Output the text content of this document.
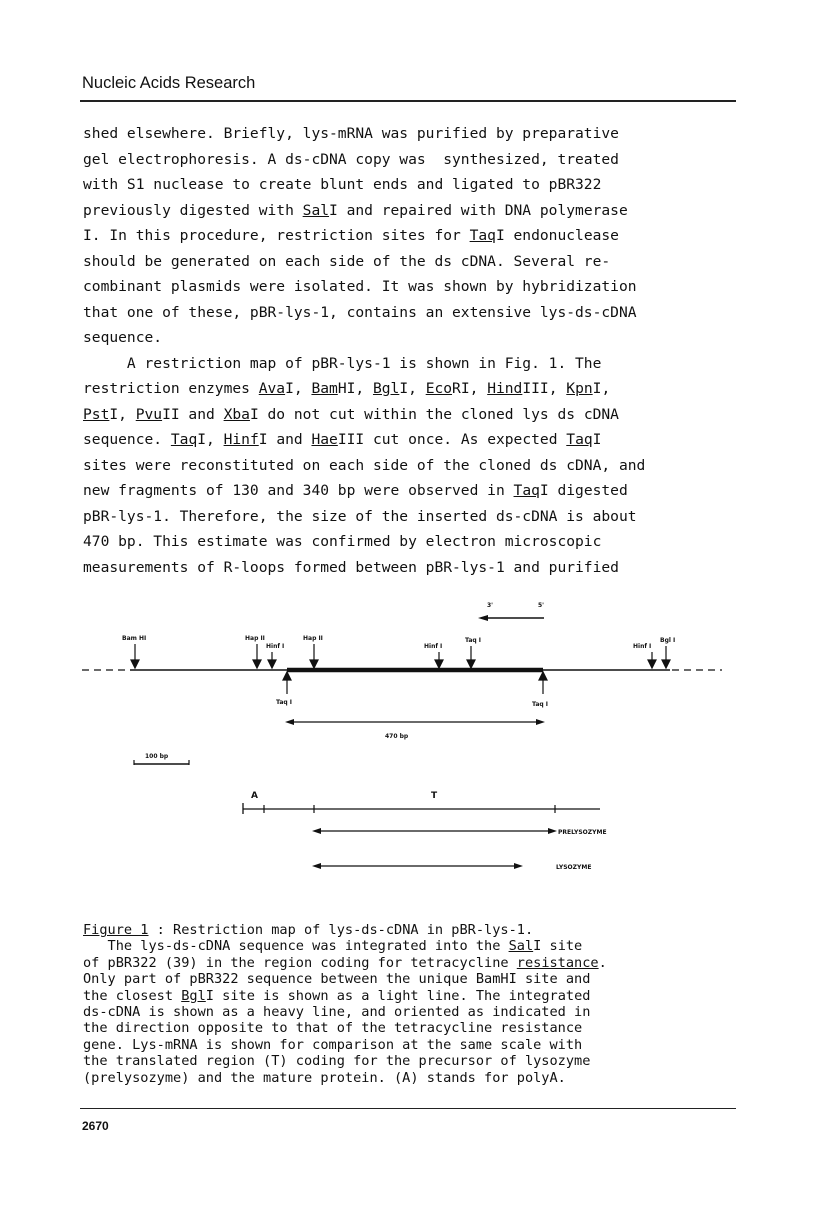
Nucleic Acids Research
shed elsewhere. Briefly, lys-mRNA was purified by preparative
gel electrophoresis. A ds-cDNA copy was  synthesized, treated
with S1 nuclease to create blunt ends and ligated to pBR322
previously digested with SalI and repaired with DNA polymerase
I. In this procedure, restriction sites for TaqI endonuclease
should be generated on each side of the ds cDNA. Several re-
combinant plasmids were isolated. It was shown by hybridization
that one of these, pBR-lys-1, contains an extensive lys-ds-cDNA
sequence.
A restriction map of pBR-lys-1 is shown in Fig. 1. The
restriction enzymes AvaI, BamHI, BglI, EcoRI, HindIII, KpnI,
PstI, PvuII and XbaI do not cut within the cloned lys ds cDNA
sequence. TaqI, HinfI and HaeIII cut once. As expected TaqI
sites were reconstituted on each side of the cloned ds cDNA, and
new fragments of 130 and 340 bp were observed in TaqI digested
pBR-lys-1. Therefore, the size of the inserted ds-cDNA is about
470 bp. This estimate was confirmed by electron microscopic
measurements of R-loops formed between pBR-lys-1 and purified
3'	5'
Bam HI	Hap II
Hinf I
Hap II
Hinf I
Taq I
Hinf I
Bgl I
Taq I	Taq I
470 bp
100 bp
A	T
PRELYSOZYME
LYSOZYME
Figure 1 : Restriction map of lys-ds-cDNA in pBR-lys-1.
The lys-ds-cDNA sequence was integrated into the SalI site
of pBR322 (39) in the region coding for tetracycline resistance.
Only part of pBR322 sequence between the unique BamHI site and
the closest BglI site is shown as a light line. The integrated
ds-cDNA is shown as a heavy line, and oriented as indicated in
the direction opposite to that of the tetracycline resistance
gene. Lys-mRNA is shown for comparison at the same scale with
the translated region (T) coding for the precursor of lysozyme
(prelysozyme) and the mature protein. (A) stands for polyA.
2670
